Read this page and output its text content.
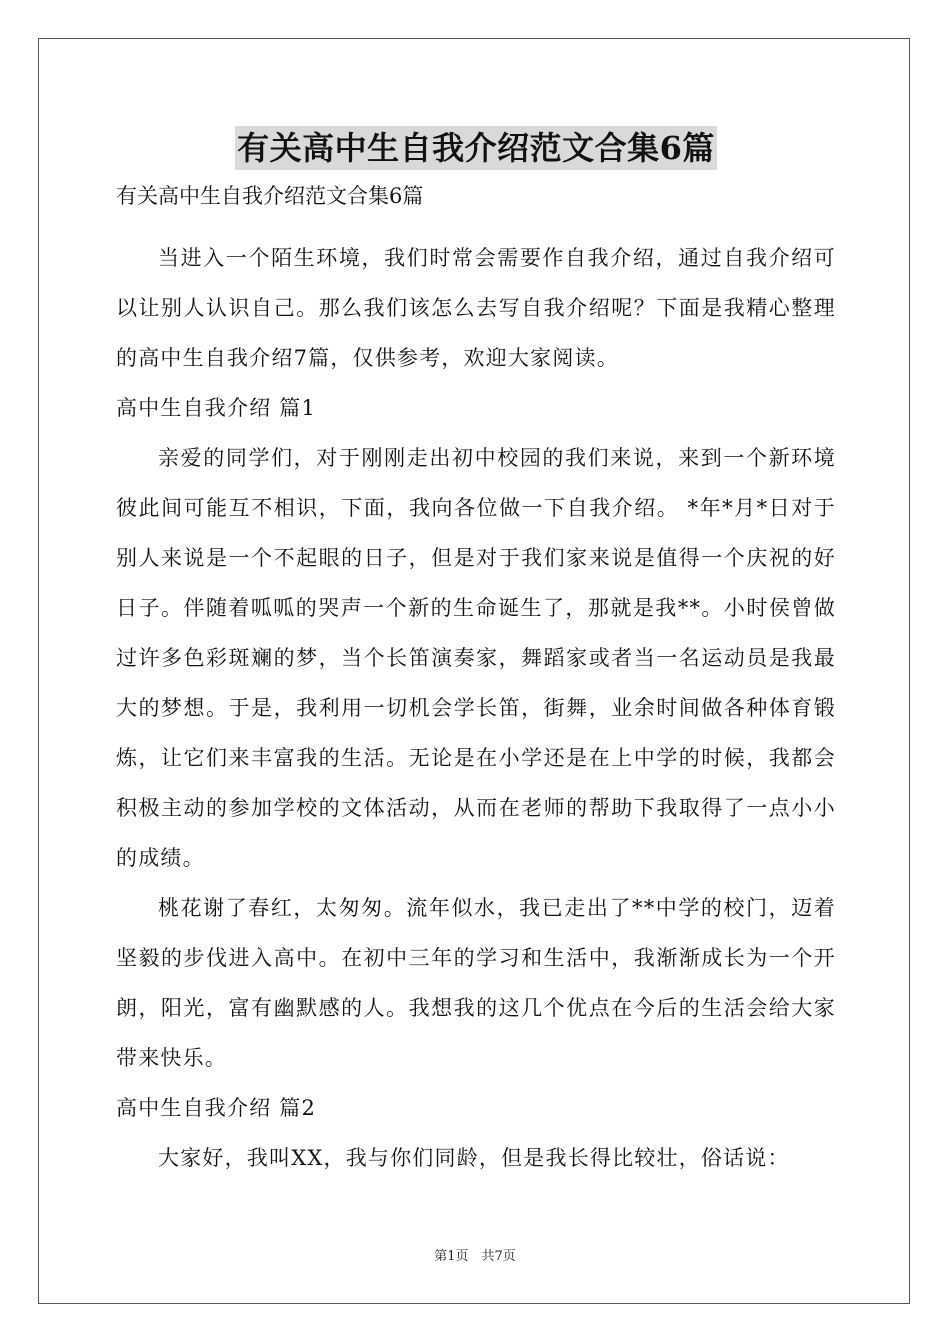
有关高中生自我介绍范文合集6篇
有关高中生自我介绍范文合集6篇

当进入一个陌生环境，我们时常会需要作自我介绍，通过自我介绍可以让别人认识自己。那么我们该怎么去写自我介绍呢？下面是我精心整理的高中生自我介绍7篇，仅供参考，欢迎大家阅读。

高中生自我介绍 篇1

亲爱的同学们，对于刚刚走出初中校园的我们来说，来到一个新环境彼此间可能互不相识，下面，我向各位做一下自我介绍。 *年*月*日对于别人来说是一个不起眼的日子，但是对于我们家来说是值得一个庆祝的好日子。伴随着呱呱的哭声一个新的生命诞生了，那就是我**。小时侯曾做过许多色彩斑斓的梦，当个长笛演奏家，舞蹈家或者当一名运动员是我最大的梦想。于是，我利用一切机会学长笛，街舞，业余时间做各种体育锻炼，让它们来丰富我的生活。无论是在小学还是在上中学的时候，我都会积极主动的参加学校的文体活动，从而在老师的帮助下我取得了一点小小的成绩。

桃花谢了春红，太匆匆。流年似水，我已走出了**中学的校门，迈着坚毅的步伐进入高中。在初中三年的学习和生活中，我渐渐成长为一个开朗，阳光，富有幽默感的人。我想我的这几个优点在今后的生活会给大家带来快乐。

高中生自我介绍 篇2

大家好，我叫XX，我与你们同龄，但是我长得比较壮，俗话说：

第1页　共7页
